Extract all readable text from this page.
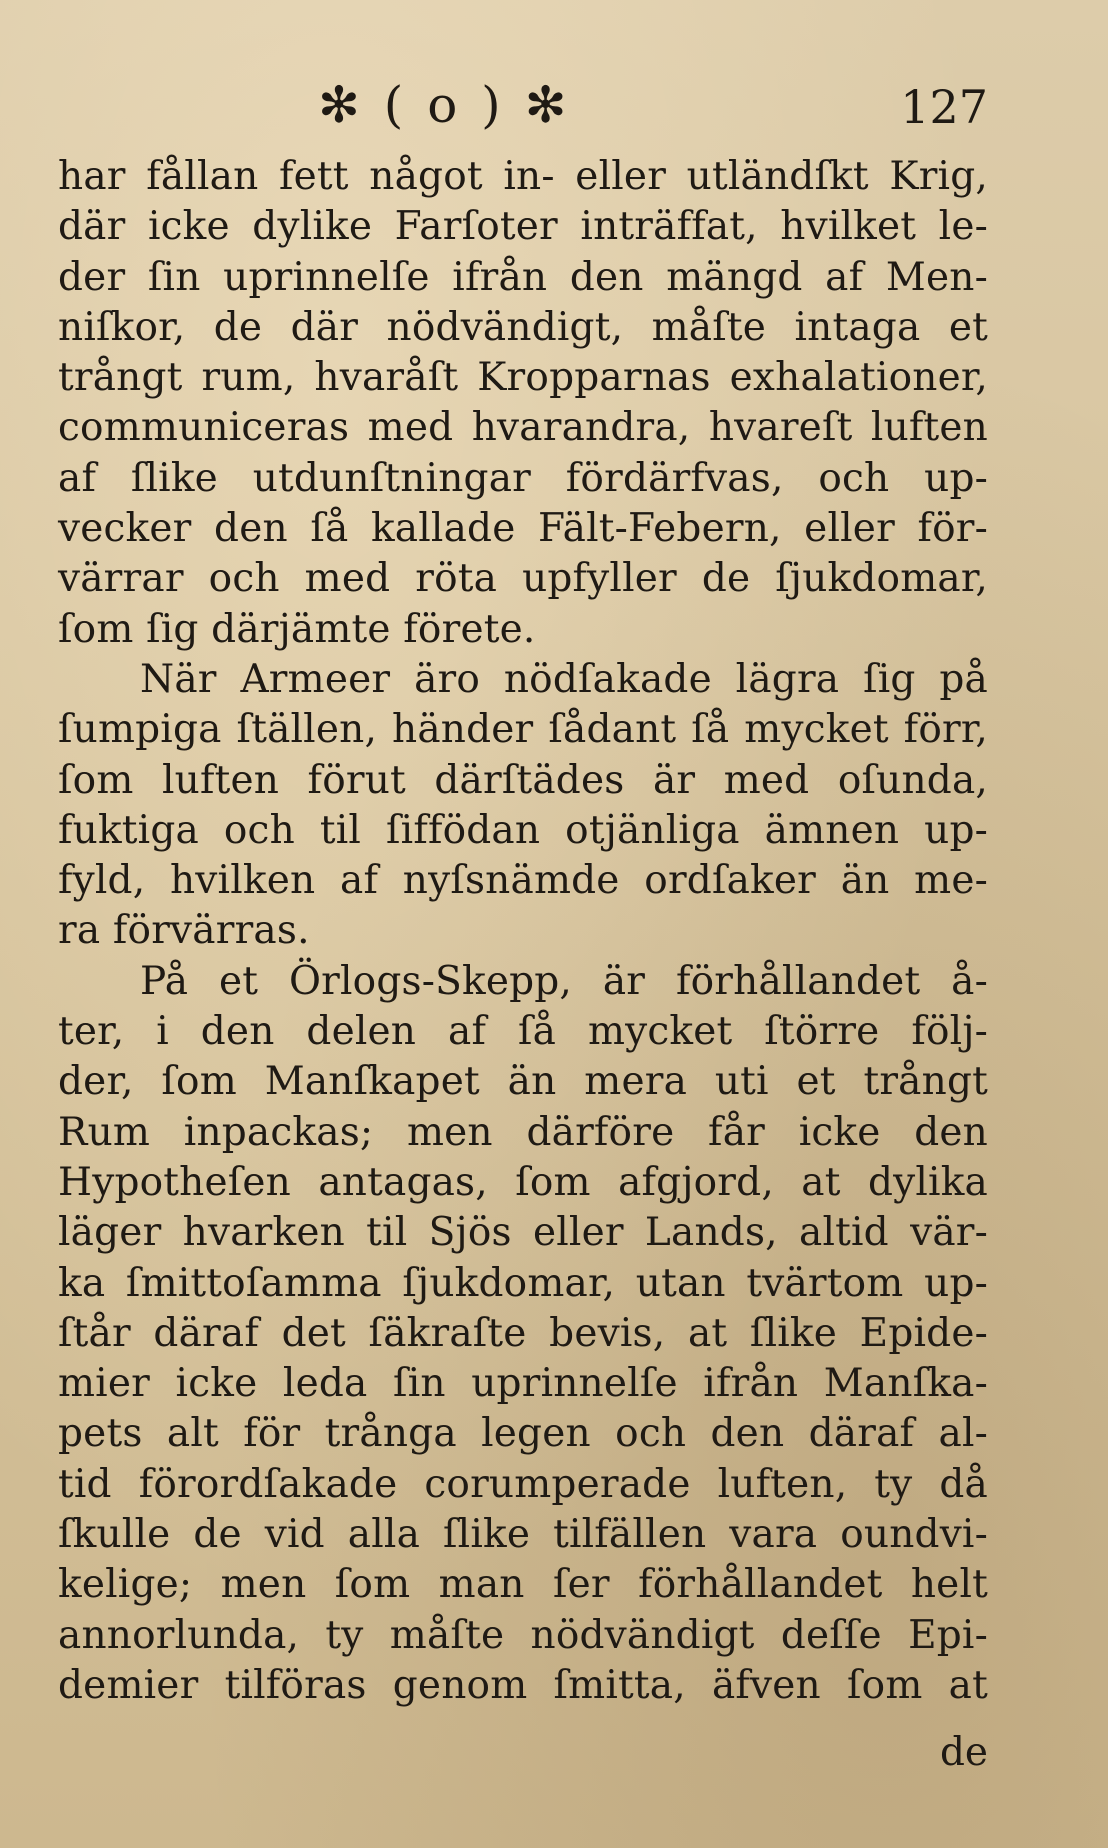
✻ ( o ) ✻	127
har fållan fett något in- eller utländſkt Krig,
där icke dylike Farſoter inträffat, hvilket le-
der ſin uprinnelſe ifrån den mängd af Men-
niſkor, de där nödvändigt, måſte intaga et
trångt rum, hvaråſt Kropparnas exhalationer,
communiceras med hvarandra, hvareſt luften
af ſlike utdunſtningar fördärfvas, och up-
vecker den ſå kallade Fält-Febern, eller för-
värrar och med röta upfyller de ſjukdomar,
ſom ſig därjämte förete.
När Armeer äro nödſakade lägra ſig på
ſumpiga ſtällen, händer ſådant ſå mycket förr,
ſom luften förut därſtädes är med oſunda,
fuktiga och til ſiffödan otjänliga ämnen up-
fyld, hvilken af nyſsnämde ordſaker än me-
ra förvärras.
På et Örlogs-Skepp, är förhållandet å-
ter, i den delen af ſå mycket ſtörre följ-
der, ſom Manſkapet än mera uti et trångt
Rum inpackas; men därföre får icke den
Hypotheſen antagas, ſom afgjord, at dylika
läger hvarken til Sjös eller Lands, altid vär-
ka ſmittoſamma ſjukdomar, utan tvärtom up-
ſtår däraf det ſäkraſte bevis, at ſlike Epide-
mier icke leda ſin uprinnelſe ifrån Manſka-
pets alt för trånga legen och den däraf al-
tid förordſakade corumperade luften, ty då
ſkulle de vid alla ſlike tilfällen vara oundvi-
kelige; men ſom man ſer förhållandet helt
annorlunda, ty måſte nödvändigt deſſe Epi-
demier tilföras genom ſmitta, äfven ſom at
de
